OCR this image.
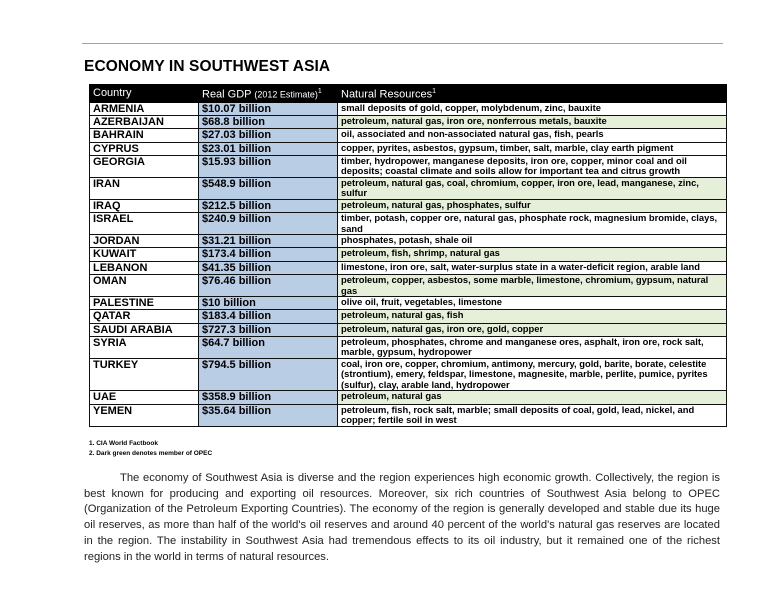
ECONOMY IN SOUTHWEST ASIA
Country	Real GDP (2012 Estimate)$^1$	Natural Resources$^1$
ARMENIA	$10.07 billion	small deposits of gold, copper, molybdenum, zinc, bauxite
AZERBAIJAN	$68.8 billion	petroleum, natural gas, iron ore, nonferrous metals, bauxite
BAHRAIN	$27.03 billion	oil, associated and non-associated natural gas, fish, pearls
CYPRUS	$23.01 billion	copper, pyrites, asbestos, gypsum, timber, salt, marble, clay earth pigment
GEORGIA	$15.93 billion	timber, hydropower, manganese deposits, iron ore, copper, minor coal and oil deposits; coastal climate and soils allow for important tea and citrus growth
IRAN	$548.9 billion	petroleum, natural gas, coal, chromium, copper, iron ore, lead, manganese, zinc, sulfur
IRAQ	$212.5 billion	petroleum, natural gas, phosphates, sulfur
ISRAEL	$240.9 billion	timber, potash, copper ore, natural gas, phosphate rock, magnesium bromide, clays, sand
JORDAN	$31.21 billion	phosphates, potash, shale oil
KUWAIT	$173.4 billion	petroleum, fish, shrimp, natural gas
LEBANON	$41.35 billion	limestone, iron ore, salt, water-surplus state in a water-deficit region, arable land
OMAN	$76.46 billion	petroleum, copper, asbestos, some marble, limestone, chromium, gypsum, natural gas
PALESTINE	$10 billion	olive oil, fruit, vegetables, limestone
QATAR	$183.4 billion	petroleum, natural gas, fish
SAUDI ARABIA	$727.3 billion	petroleum, natural gas, iron ore, gold, copper
SYRIA	$64.7 billion	petroleum, phosphates, chrome and manganese ores, asphalt, iron ore, rock salt, marble, gypsum, hydropower
TURKEY	$794.5 billion	coal, iron ore, copper, chromium, antimony, mercury, gold, barite, borate, celestite (strontium), emery, feldspar, limestone, magnesite, marble, perlite, pumice, pyrites (sulfur), clay, arable land, hydropower
UAE	$358.9 billion	petroleum, natural gas
YEMEN	$35.64 billion	petroleum, fish, rock salt, marble; small deposits of coal, gold, lead, nickel, and copper; fertile soil in west
1. CIA World Factbook
2. Dark green denotes member of OPEC

The economy of Southwest Asia is diverse and the region experiences high economic growth. Collectively, the region is best known for producing and exporting oil resources. Moreover, six rich countries of Southwest Asia belong to OPEC (Organization of the Petroleum Exporting Countries). The economy of the region is generally developed and stable due its huge oil reserves, as more than half of the world's oil reserves and around 40 percent of the world's natural gas reserves are located in the region. The instability in Southwest Asia had tremendous effects to its oil industry, but it remained one of the richest regions in the world in terms of natural resources.
